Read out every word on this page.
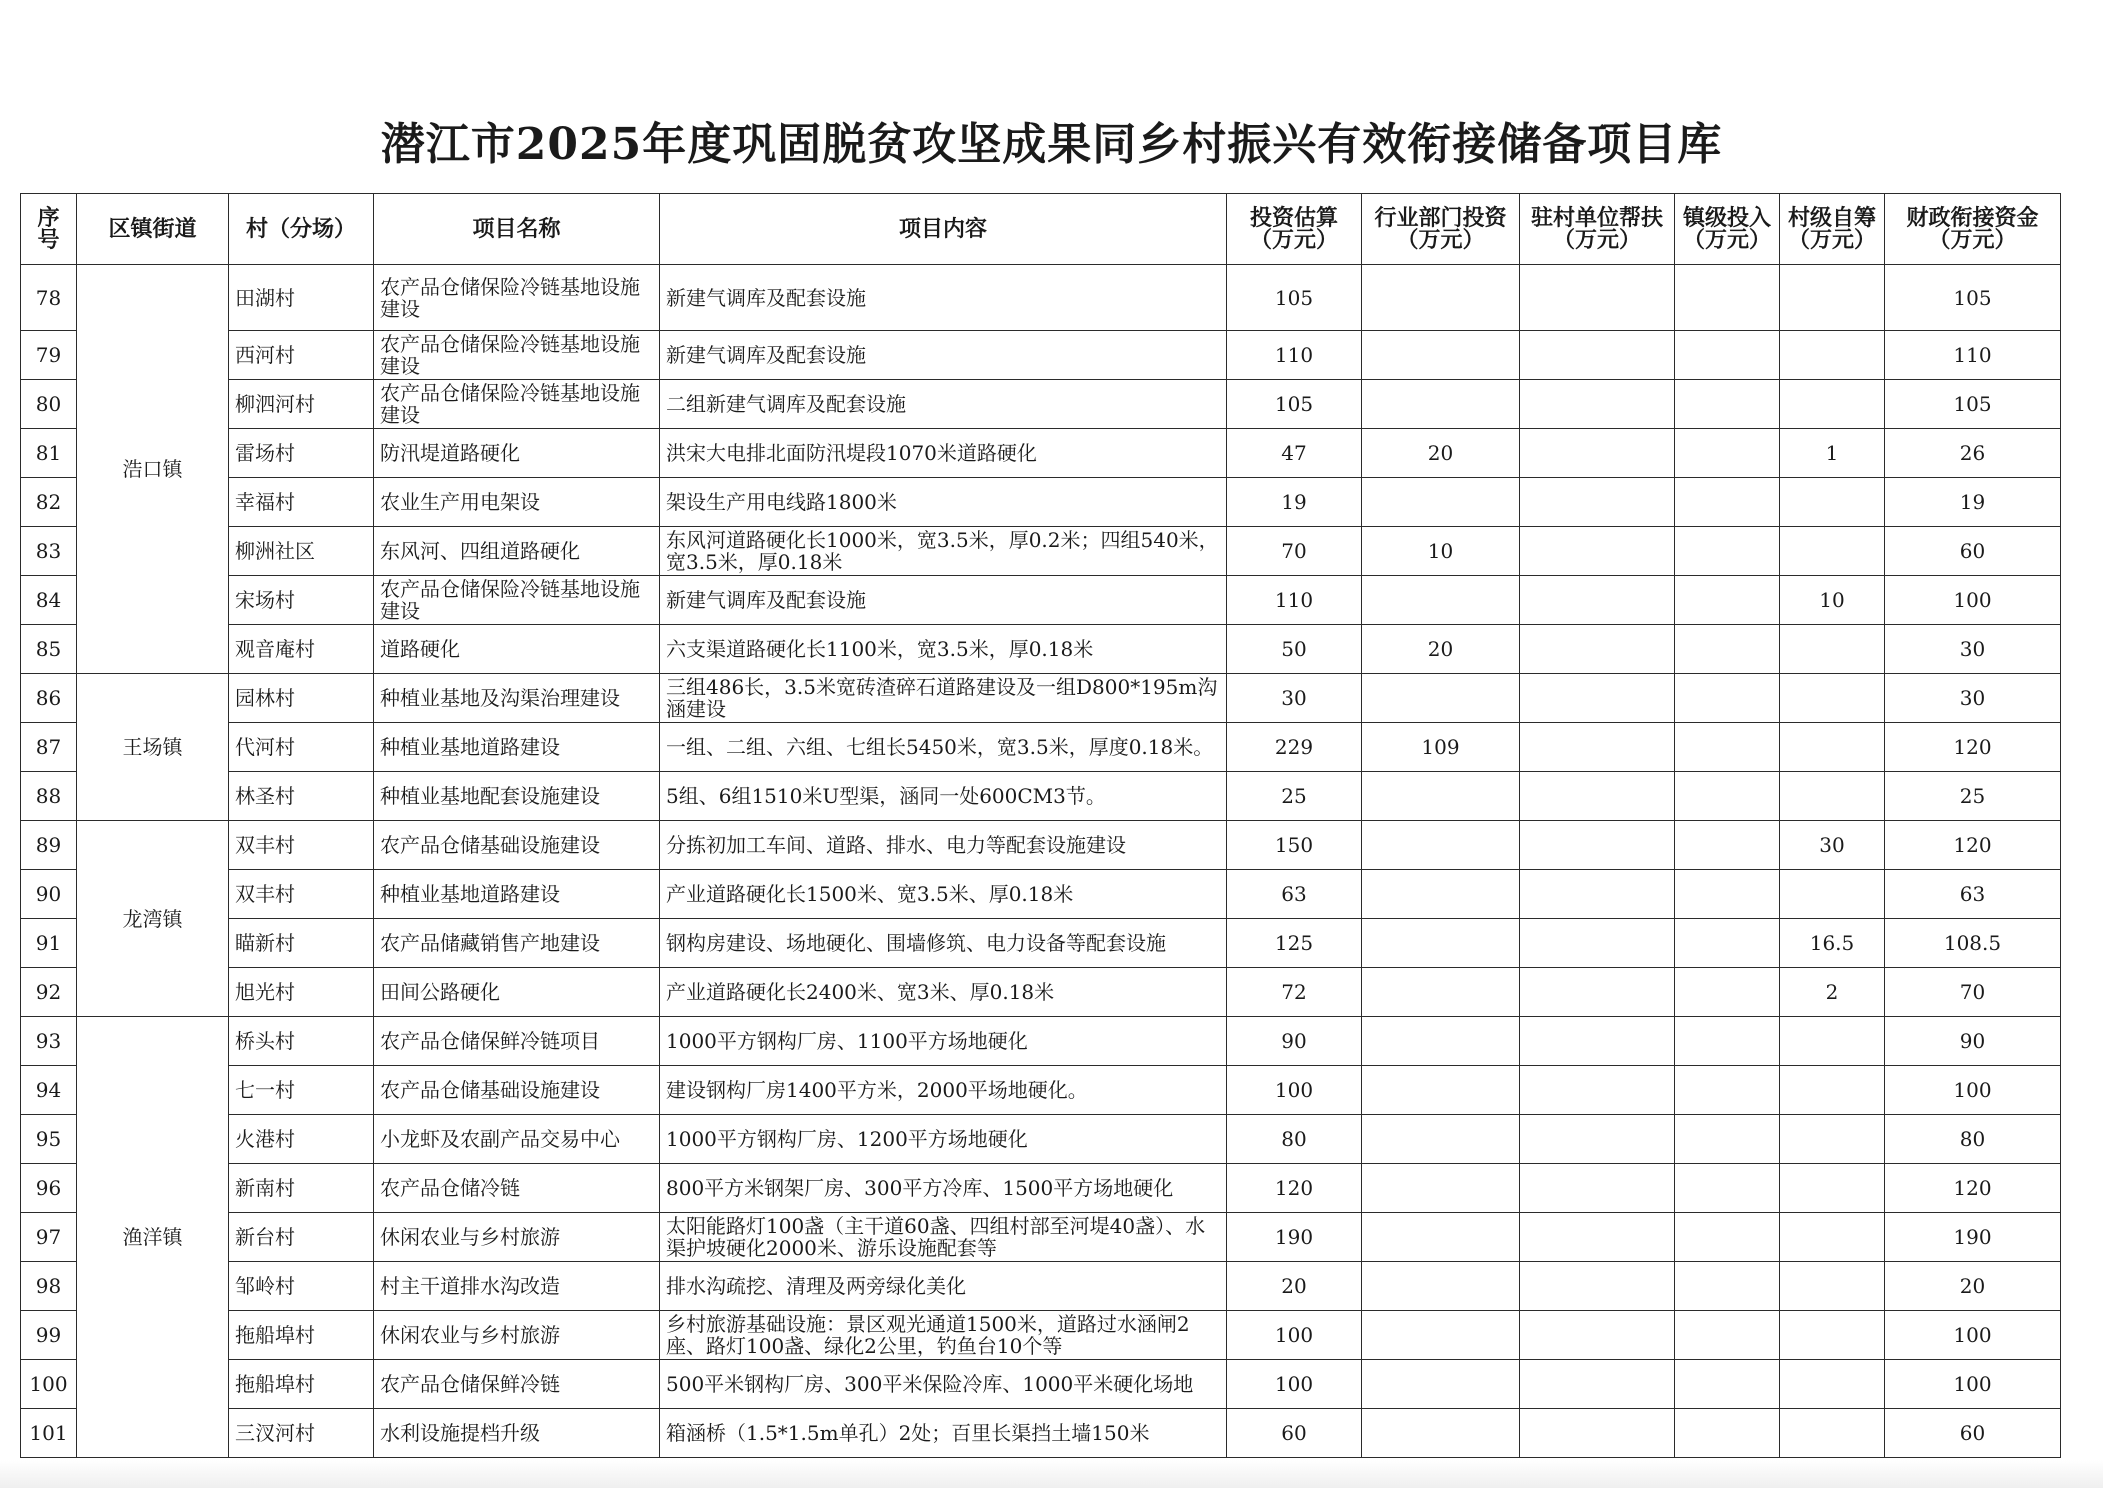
潜江市2025年度巩固脱贫攻坚成果同乡村振兴有效衔接储备项目库
序号	区镇街道	村（分场）	项目名称	项目内容	投资估算（万元）	行业部门投资（万元）	驻村单位帮扶（万元）	镇级投入（万元）	村级自筹（万元）	财政衔接资金（万元）
78	浩口镇	田湖村	农产品仓储保险冷链基地设施建设	新建气调库及配套设施	105					105
79		西河村	农产品仓储保险冷链基地设施建设	新建气调库及配套设施	110					110
80		柳泗河村	农产品仓储保险冷链基地设施建设	二组新建气调库及配套设施	105					105
81		雷场村	防汛堤道路硬化	洪宋大电排北面防汛堤段1070米道路硬化	47	20			1	26
82		幸福村	农业生产用电架设	架设生产用电线路1800米	19					19
83		柳洲社区	东风河、四组道路硬化	东风河道路硬化长1000米，宽3.5米，厚0.2米；四组540米，宽3.5米，厚0.18米	70	10				60
84		宋场村	农产品仓储保险冷链基地设施建设	新建气调库及配套设施	110				10	100
85		观音庵村	道路硬化	六支渠道路硬化长1100米，宽3.5米，厚0.18米	50	20				30
86	王场镇	园林村	种植业基地及沟渠治理建设	三组486长，3.5米宽砖渣碎石道路建设及一组D800*195m沟涵建设	30					30
87		代河村	种植业基地道路建设	一组、二组、六组、七组长5450米，宽3.5米，厚度0.18米。	229	109				120
88		林圣村	种植业基地配套设施建设	5组、6组1510米U型渠，涵同一处600CM3节。	25					25
89	龙湾镇	双丰村	农产品仓储基础设施建设	分拣初加工车间、道路、排水、电力等配套设施建设	150				30	120
90		双丰村	种植业基地道路建设	产业道路硬化长1500米、宽3.5米、厚0.18米	63					63
91		瞄新村	农产品储藏销售产地建设	钢构房建设、场地硬化、围墙修筑、电力设备等配套设施	125				16.5	108.5
92		旭光村	田间公路硬化	产业道路硬化长2400米、宽3米、厚0.18米	72				2	70
93	渔洋镇	桥头村	农产品仓储保鲜冷链项目	1000平方钢构厂房、1100平方场地硬化	90					90
94		七一村	农产品仓储基础设施建设	建设钢构厂房1400平方米，2000平场地硬化。	100					100
95		火港村	小龙虾及农副产品交易中心	1000平方钢构厂房、1200平方场地硬化	80					80
96		新南村	农产品仓储冷链	800平方米钢架厂房、300平方冷库、1500平方场地硬化	120					120
97		新台村	休闲农业与乡村旅游	太阳能路灯100盏（主干道60盏、四组村部至河堤40盏）、水渠护坡硬化2000米、游乐设施配套等	190					190
98		邹岭村	村主干道排水沟改造	排水沟疏挖、清理及两旁绿化美化	20					20
99		拖船埠村	休闲农业与乡村旅游	乡村旅游基础设施：景区观光通道1500米，道路过水涵闸2座、路灯100盏、绿化2公里，钓鱼台10个等	100					100
100		拖船埠村	农产品仓储保鲜冷链	500平米钢构厂房、300平米保险冷库、1000平米硬化场地	100					100
101		三汊河村	水利设施提档升级	箱涵桥（1.5*1.5m单孔）2处；百里长渠挡土墙150米	60					60
